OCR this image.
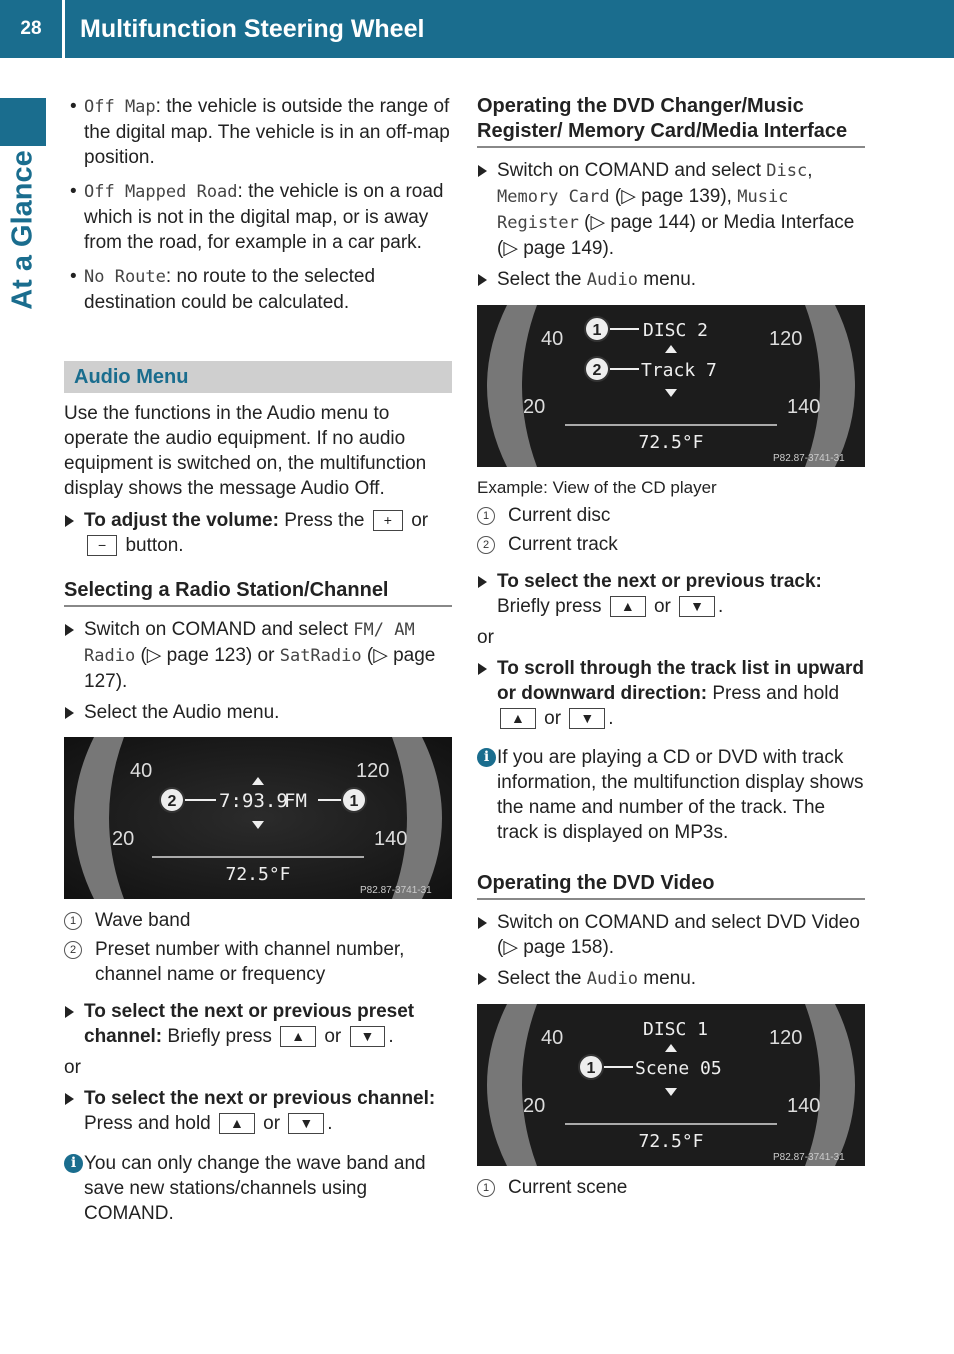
28	Multifunction Steering Wheel
At a Glance
• Off Map: the vehicle is outside the range of the digital map. The vehicle is in an off-map position.
• Off Mapped Road: the vehicle is on a road which is not in the digital map, or is away from the road, for example in a car park.
• No Route: no route to the selected destination could be calculated.
Audio Menu

Use the functions in the Audio menu to operate the audio equipment. If no audio equipment is switched on, the multifunction display shows the message Audio Off.

To adjust the volume: Press the + or − button.
Selecting a Radio Station/Channel
Switch on COMAND and select FM/ AM Radio (▷ page 123) or SatRadio (▷ page 127).
Select the Audio menu.
40
20
120
140
2 7: 93.9
FM	1
72.5°F
P82.87-3741-31
1 Wave band
2 Preset number with channel number, channel name or frequency
To select the next or previous preset channel: Briefly press ▲ or ▼ .

or

To select the next or previous channel: Press and hold ▲ or ▼ .
i You can only change the wave band and save new stations/channels using COMAND.
Operating the DVD Changer/Music Register/ Memory Card/Media Interface
Switch on COMAND and select Disc, Memory Card (▷ page 139), Music Register (▷ page 144) or Media Interface (▷ page 149).
Select the Audio menu.
40
20
120
140
1 DISC 2
2 Track 7
72.5°F
P82.87-3741-31

Example: View of the CD player

1 Current disc
2 Current track
To select the next or previous track:
Briefly press ▲ or ▼ .

or

To scroll through the track list in upward or downward direction: Press and hold ▲ or ▼ .
i If you are playing a CD or DVD with track information, the multifunction display shows the name and number of the track. The track is displayed on MP3s.
Operating the DVD Video
Switch on COMAND and select DVD Video (▷ page 158).
Select the Audio menu.
40
20
120
140
DISC 1
1 Scene 05
72.5°F
P82.87-3741-31
1 Current scene
